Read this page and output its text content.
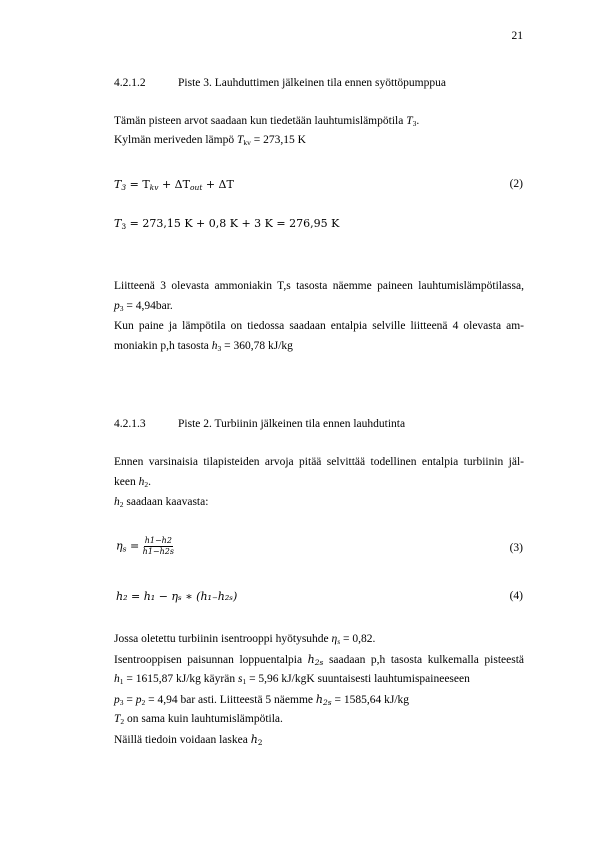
21
4.2.1.2	Piste 3. Lauhduttimen jälkeinen tila ennen syöttöpumppua
Tämän pisteen arvot saadaan kun tiedetään lauhtumislämpötila $T_3$.
Kylmän meriveden lämpö $T_{kv} = 273,15$ K
$T_3 = T_{kv} + \Delta T_{out} + \Delta T$	(2)
$T_3 = 273,15$ K + 0,8 K + 3 K = 276,95 K
Liitteenä 3 olevasta ammoniakin T,s tasosta näemme paineen lauhtumislämpötilassa,
$p_3 = 4,94bar$.
Kun paine ja lämpötila on tiedossa saadaan entalpia selville liitteenä 4 olevasta am-
moniakin p,h tasosta $h_3 = 360,78$ kJ/kg
4.2.1.3	Piste 2. Turbiinin jälkeinen tila ennen lauhdutinta
Ennen varsinaisia tilapisteiden arvoja pitää selvittää todellinen entalpia turbiinin jäl-
keen $h_2$.
$h_2$ saadaan kaavasta:
$\eta_s = \frac{h1-h2}{h1-h2s}$	(3)
h₂ = h₁ − ηₛ ∗ (h₁₋h₂ₛ)	(4)
Jossa oletettu turbiinin isentrooppi hyötysuhde $\eta_s = 0,82$.
Isentrooppisen paisunnan loppuentalpia $h_{2s}$ saadaan p,h tasosta kulkemalla pisteestä
$h_1 = 1615,87$ kJ/kg käyrän $s_1 = 5,96$ kJ/kgK suuntaisesti lauhtumispaineeseen
$p_3 = p_2 = 4,94$ bar asti. Liitteestä 5 näemme $h_{2s} = 1585,64$ kJ/kg
$T_2$ on sama kuin lauhtumislämpötila.
Näillä tiedoin voidaan laskea $h_2$
